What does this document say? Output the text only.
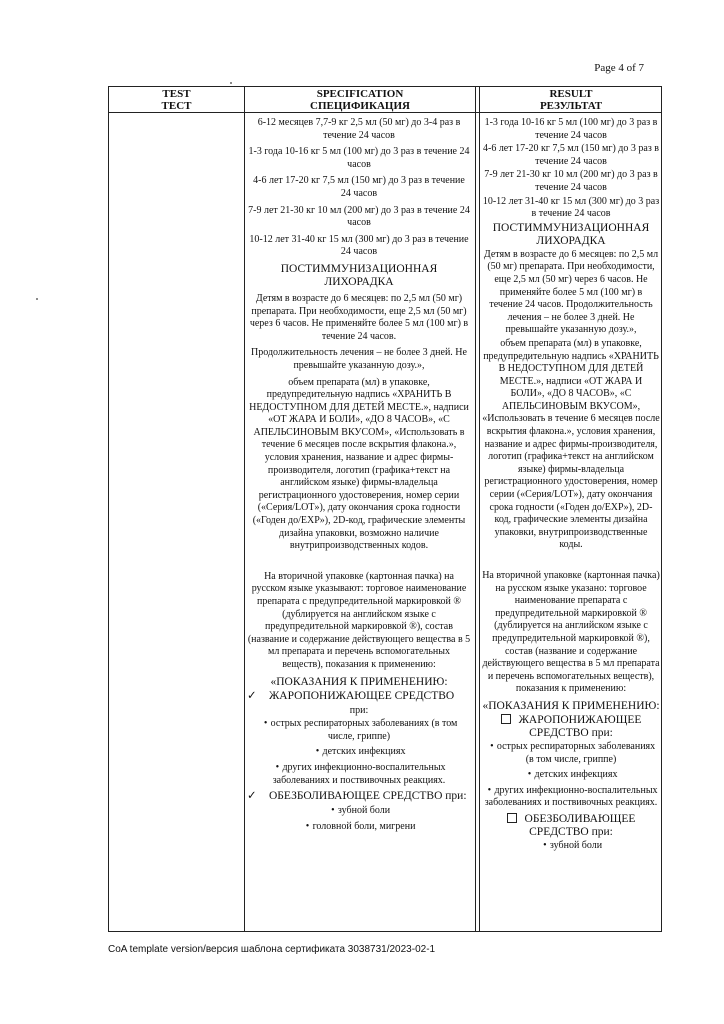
Page 4 of 7
TEST
ТЕСТ
SPECIFICATION
СПЕЦИФИКАЦИЯ
RESULT
РЕЗУЛЬТАТ

6-12 месяцев 7,7-9 кг 2,5 мл (50 мг) до 3-4 раз в течение 24 часов

1-3 года 10-16 кг 5 мл (100 мг) до 3 раз в течение 24 часов

4-6 лет 17-20 кг 7,5 мл (150 мг) до 3 раз в течение 24 часов

7-9 лет 21-30 кг 10 мл (200 мг) до 3 раз в течение 24 часов

10-12 лет 31-40 кг 15 мл (300 мг) до 3 раз в течение 24 часов

ПОСТИММУНИЗАЦИОННАЯ ЛИХОРАДКА

Детям в возрасте до 6 месяцев: по 2,5 мл (50 мг) препарата. При необходимости, еще 2,5 мл (50 мг) через 6 часов. Не применяйте более 5 мл (100 мг) в течение 24 часов.

Продолжительность лечения – не более 3 дней. Не превышайте указанную дозу.»,

объем препарата (мл) в упаковке, предупредительную надпись «ХРАНИТЬ В НЕДОСТУПНОМ ДЛЯ ДЕТЕЙ МЕСТЕ.», надписи «ОТ ЖАРА И БОЛИ», «ДО 8 ЧАСОВ», «С АПЕЛЬСИНОВЫМ ВКУСОМ», «Использовать в течение 6 месяцев после вскрытия флакона.», условия хранения, название и адрес фирмы-производителя, логотип (графика+текст на английском языке) фирмы-владельца регистрационного удостоверения, номер серии («Серия/LOT»), дату окончания срока годности («Годен до/EXP»), 2D-код, графические элементы дизайна упаковки, возможно наличие внутрипроизводственных кодов.

На вторичной упаковке (картонная пачка) на русском языке указывают: торговое наименование препарата с предупредительной маркировкой ® (дублируется на английском языке с предупредительной маркировкой ®), состав (название и содержание действующего вещества в 5 мл препарата и перечень вспомогательных веществ), показания к применению:

«ПОКАЗАНИЯ К ПРИМЕНЕНИЮ:

✓	ЖАРОПОНИЖАЮЩЕЕ СРЕДСТВО

при:

• острых респираторных заболеваниях (в том числе, гриппе)

• детских инфекциях

• других инфекционно-воспалительных заболеваниях и поствивочных реакциях.

✓	ОБЕЗБОЛИВАЮЩЕЕ СРЕДСТВО при:

• зубной боли

• головной боли, мигрени

1-3 года 10-16 кг 5 мл (100 мг) до 3 раз в течение 24 часов

4-6 лет 17-20 кг 7,5 мл (150 мг) до 3 раз в течение 24 часов

7-9 лет 21-30 кг 10 мл (200 мг) до 3 раз в течение 24 часов

10-12 лет 31-40 кг 15 мл (300 мг) до 3 раз в течение 24 часов

ПОСТИММУНИЗАЦИОННАЯ ЛИХОРАДКА

Детям в возрасте до 6 месяцев: по 2,5 мл (50 мг) препарата. При необходимости, еще 2,5 мл (50 мг) через 6 часов. Не применяйте более 5 мл (100 мг) в течение 24 часов. Продолжительность лечения – не более 3 дней. Не превышайте указанную дозу.»,

объем препарата (мл) в упаковке, предупредительную надпись «ХРАНИТЬ В НЕДОСТУПНОМ ДЛЯ ДЕТЕЙ МЕСТЕ.», надписи «ОТ ЖАРА И БОЛИ», «ДО 8 ЧАСОВ», «С АПЕЛЬСИНОВЫМ ВКУСОМ», «Использовать в течение 6 месяцев после вскрытия флакона.», условия хранения, название и адрес фирмы-производителя, логотип (графика+текст на английском языке) фирмы-владельца регистрационного удостоверения, номер серии («Серия/LOT»), дату окончания срока годности («Годен до/EXP»), 2D-код, графические элементы дизайна упаковки, внутрипроизводственные коды.

На вторичной упаковке (картонная пачка) на русском языке указано: торговое наименование препарата с предупредительной маркировкой ® (дублируется на английском языке с предупредительной маркировкой ®), состав (название и содержание действующего вещества в 5 мл препарата и перечень вспомогательных веществ), показания к применению:

«ПОКАЗАНИЯ К ПРИМЕНЕНИЮ:

ЖАРОПОНИЖАЮЩЕЕ СРЕДСТВО при:

• острых респираторных заболеваниях (в том числе, гриппе)

• детских инфекциях

• других инфекционно-воспалительных заболеваниях и поствивочных реакциях.

ОБЕЗБОЛИВАЮЩЕЕ СРЕДСТВО при:

• зубной боли

CoA template version/версия шаблона сертификата 3038731/2023-02-1
